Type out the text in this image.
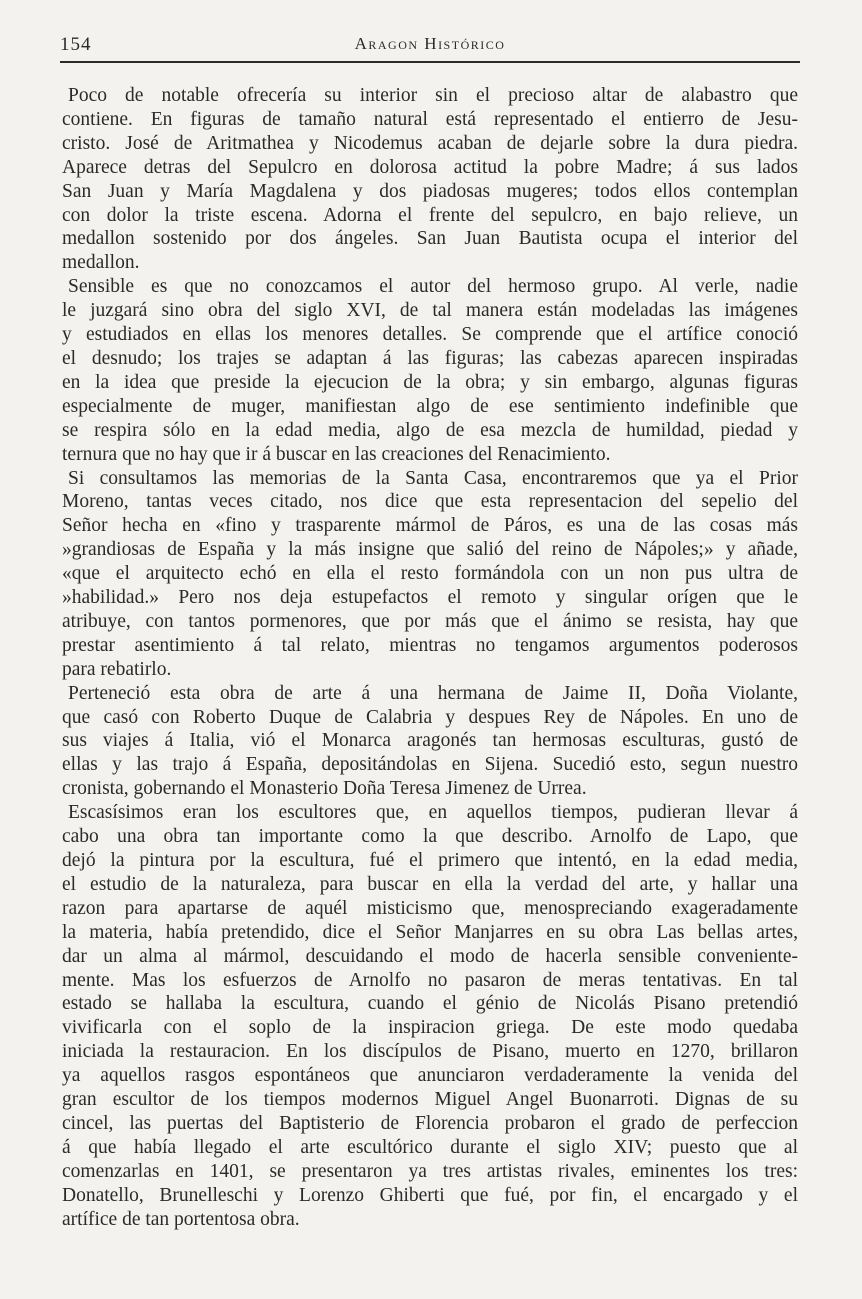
154	Aragon Histórico
Poco de notable ofrecería su interior sin el precioso altar de alabastro que
contiene. En figuras de tamaño natural está representado el entierro de Jesu-
cristo. José de Aritmathea y Nicodemus acaban de dejarle sobre la dura piedra.
Aparece detras del Sepulcro en dolorosa actitud la pobre Madre; á sus lados
San Juan y María Magdalena y dos piadosas mugeres; todos ellos contemplan
con dolor la triste escena. Adorna el frente del sepulcro, en bajo relieve, un
medallon sostenido por dos ángeles. San Juan Bautista ocupa el interior del
medallon.
Sensible es que no conozcamos el autor del hermoso grupo. Al verle, nadie
le juzgará sino obra del siglo XVI, de tal manera están modeladas las imágenes
y estudiados en ellas los menores detalles. Se comprende que el artífice conoció
el desnudo; los trajes se adaptan á las figuras; las cabezas aparecen inspiradas
en la idea que preside la ejecucion de la obra; y sin embargo, algunas figuras
especialmente de muger, manifiestan algo de ese sentimiento indefinible que
se respira sólo en la edad media, algo de esa mezcla de humildad, piedad y
ternura que no hay que ir á buscar en las creaciones del Renacimiento.
Si consultamos las memorias de la Santa Casa, encontraremos que ya el Prior
Moreno, tantas veces citado, nos dice que esta representacion del sepelio del
Señor hecha en «fino y trasparente mármol de Páros, es una de las cosas más
»grandiosas de España y la más insigne que salió del reino de Nápoles;» y añade,
«que el arquitecto echó en ella el resto formándola con un non pus ultra de
»habilidad.» Pero nos deja estupefactos el remoto y singular orígen que le
atribuye, con tantos pormenores, que por más que el ánimo se resista, hay que
prestar asentimiento á tal relato, mientras no tengamos argumentos poderosos
para rebatirlo.
Perteneció esta obra de arte á una hermana de Jaime II, Doña Violante,
que casó con Roberto Duque de Calabria y despues Rey de Nápoles. En uno de
sus viajes á Italia, vió el Monarca aragonés tan hermosas esculturas, gustó de
ellas y las trajo á España, depositándolas en Sijena. Sucedió esto, segun nuestro
cronista, gobernando el Monasterio Doña Teresa Jimenez de Urrea.
Escasísimos eran los escultores que, en aquellos tiempos, pudieran llevar á
cabo una obra tan importante como la que describo. Arnolfo de Lapo, que
dejó la pintura por la escultura, fué el primero que intentó, en la edad media,
el estudio de la naturaleza, para buscar en ella la verdad del arte, y hallar una
razon para apartarse de aquél misticismo que, menospreciando exageradamente
la materia, había pretendido, dice el Señor Manjarres en su obra Las bellas artes,
dar un alma al mármol, descuidando el modo de hacerla sensible conveniente-
mente. Mas los esfuerzos de Arnolfo no pasaron de meras tentativas. En tal
estado se hallaba la escultura, cuando el génio de Nicolás Pisano pretendió
vivificarla con el soplo de la inspiracion griega. De este modo quedaba
iniciada la restauracion. En los discípulos de Pisano, muerto en 1270, brillaron
ya aquellos rasgos espontáneos que anunciaron verdaderamente la venida del
gran escultor de los tiempos modernos Miguel Angel Buonarroti. Dignas de su
cincel, las puertas del Baptisterio de Florencia probaron el grado de perfeccion
á que había llegado el arte escultórico durante el siglo XIV; puesto que al
comenzarlas en 1401, se presentaron ya tres artistas rivales, eminentes los tres:
Donatello, Brunelleschi y Lorenzo Ghiberti que fué, por fin, el encargado y el
artífice de tan portentosa obra.
